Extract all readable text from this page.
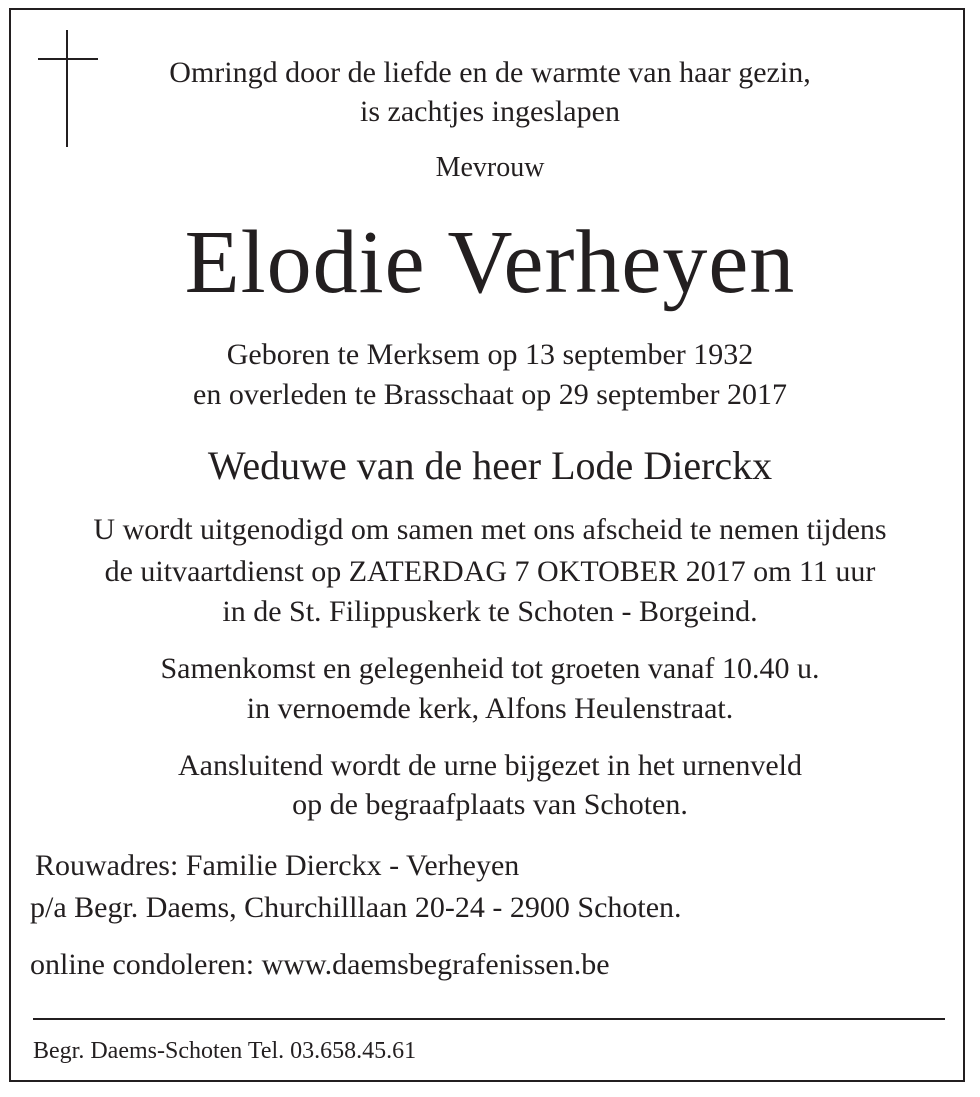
Omringd door de liefde en de warmte van haar gezin,
is zachtjes ingeslapen
Mevrouw
Elodie Verheyen
Geboren te Merksem op 13 september 1932
en overleden te Brasschaat op 29 september 2017
Weduwe van de heer Lode Dierckx
U wordt uitgenodigd om samen met ons afscheid te nemen tijdens
de uitvaartdienst op ZATERDAG 7 OKTOBER 2017 om 11 uur
in de St. Filippuskerk te Schoten - Borgeind.
Samenkomst en gelegenheid tot groeten vanaf 10.40 u.
in vernoemde kerk, Alfons Heulenstraat.
Aansluitend wordt de urne bijgezet in het urnenveld
op de begraafplaats van Schoten.
Rouwadres: Familie Dierckx - Verheyen
p/a Begr. Daems, Churchilllaan 20-24 - 2900 Schoten.
online condoleren: www.daemsbegrafenissen.be
Begr. Daems-Schoten Tel. 03.658.45.61
